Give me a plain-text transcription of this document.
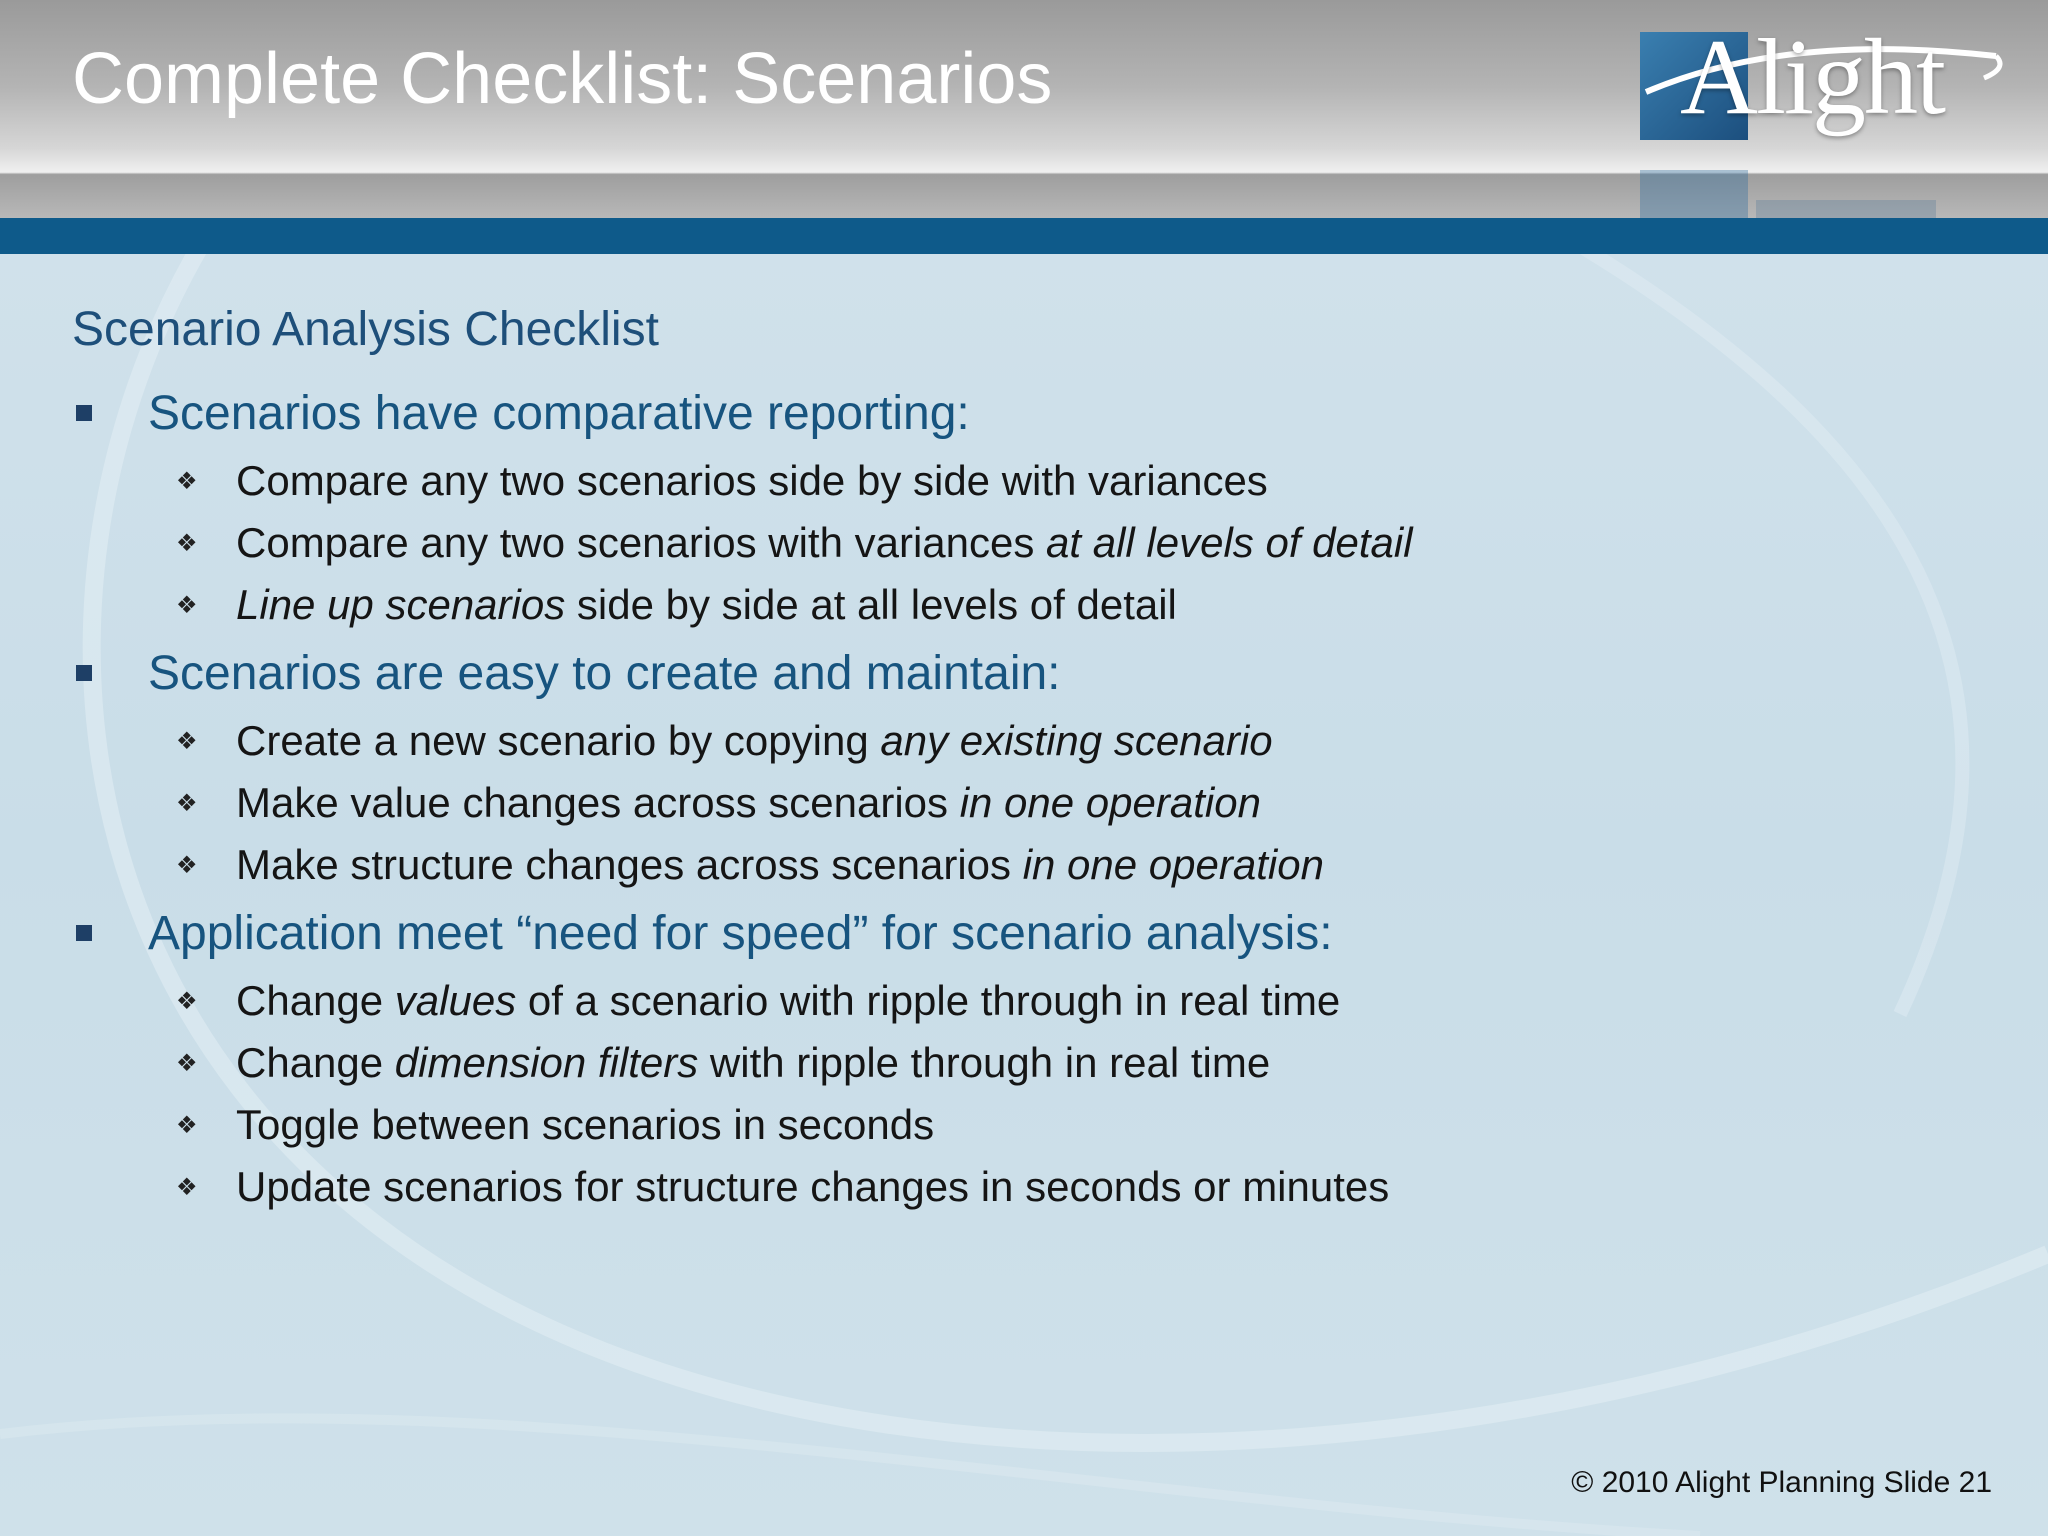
Complete Checklist: Scenarios	Alight

Scenario Analysis Checklist

Scenarios have comparative reporting:
❖ Compare any two scenarios side by side with variances
❖ Compare any two scenarios with variances at all levels of detail
❖ Line up scenarios side by side at all levels of detail
Scenarios are easy to create and maintain:
❖ Create a new scenario by copying any existing scenario
❖ Make value changes across scenarios in one operation
❖ Make structure changes across scenarios in one operation
Application meet “need for speed” for scenario analysis:
❖ Change values of a scenario with ripple through in real time
❖ Change dimension filters with ripple through in real time
❖ Toggle between scenarios in seconds
❖ Update scenarios for structure changes in seconds or minutes
© 2010 Alight Planning Slide 21
